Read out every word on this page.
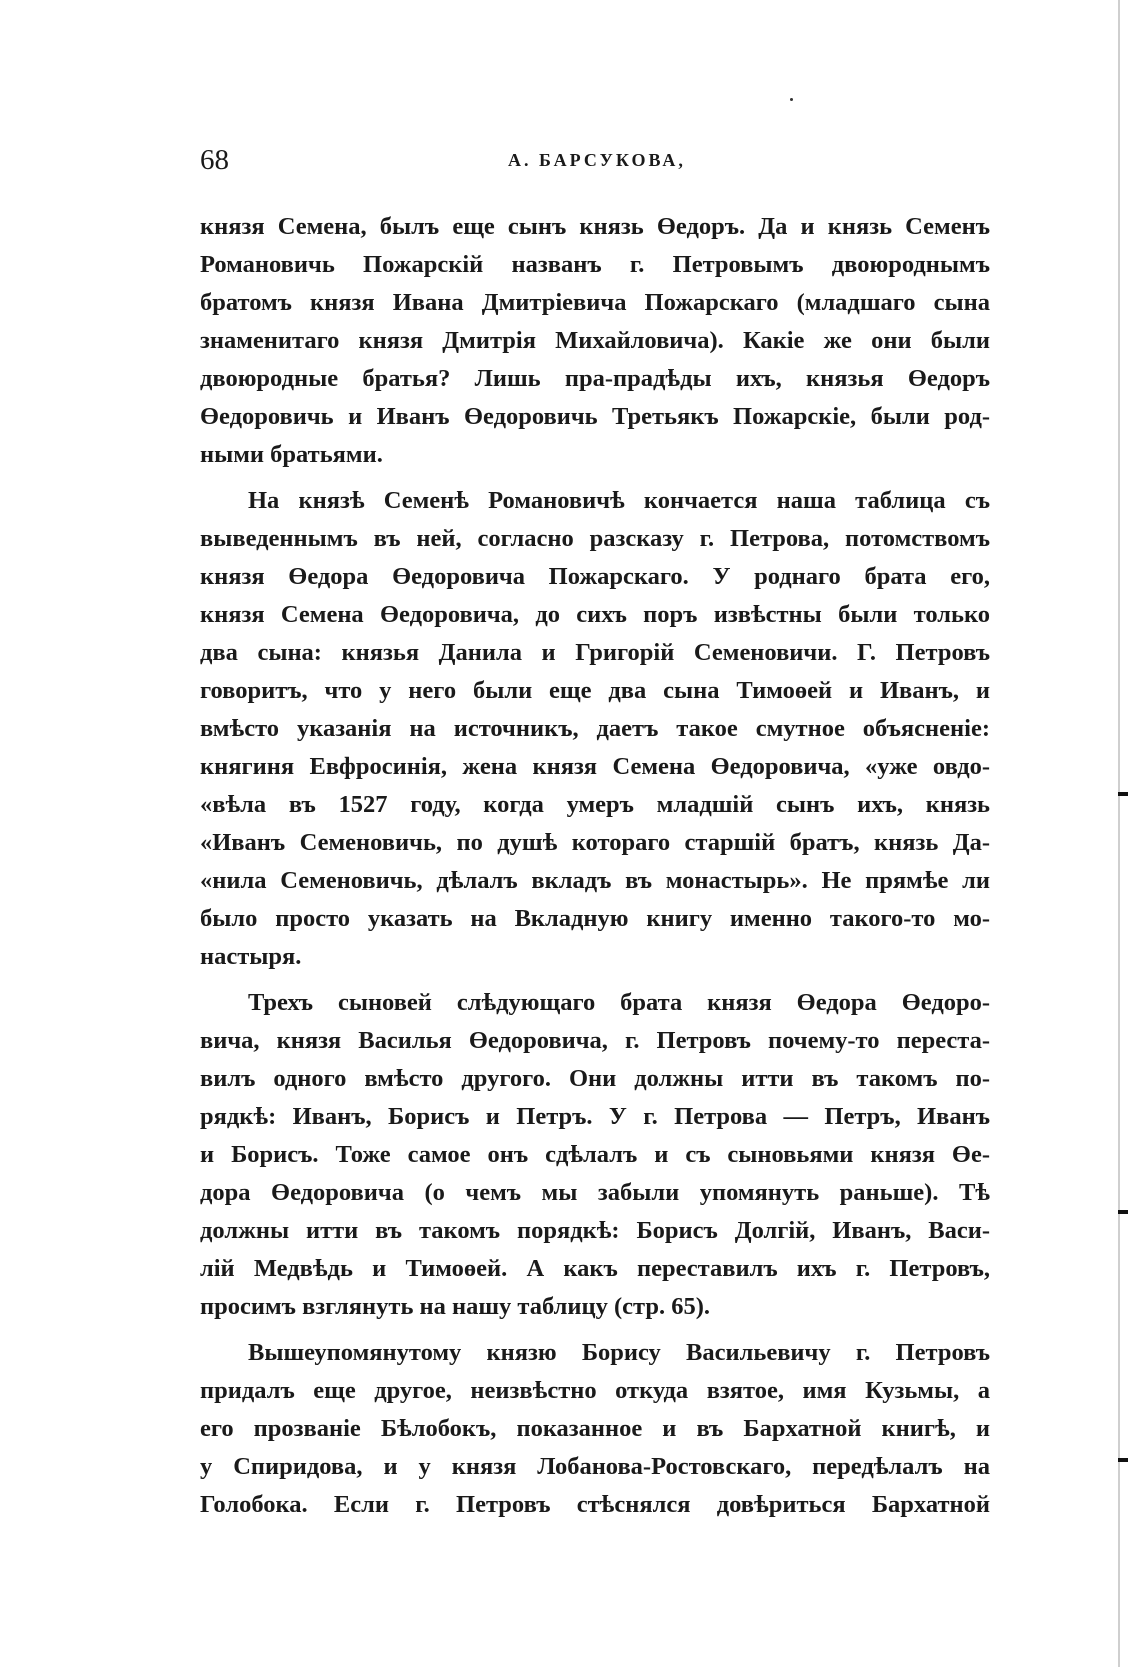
68	А. БАРСУКОВА,
князя Семена, былъ еще сынъ князь Өедоръ. Да и князь Семенъ
Романовичь Пожарскій названъ г. Петровымъ двоюроднымъ
братомъ князя Ивана Дмитріевича Пожарскаго (младшаго сына
знаменитаго князя Дмитрія Михайловича). Какіе же они были
двоюродные братья? Лишь пра-прадѣды ихъ, князья Өедоръ
Өедоровичь и Иванъ Өедоровичь Третьякъ Пожарскіе, были род-
ными братьями.
На князѣ Семенѣ Романовичѣ кончается наша таблица съ
выведеннымъ въ ней, согласно разсказу г. Петрова, потомствомъ
князя Өедора Өедоровича Пожарскаго. У роднаго брата его,
князя Семена Өедоровича, до сихъ поръ извѣстны были только
два сына: князья Данила и Григорій Семеновичи. Г. Петровъ
говоритъ, что у него были еще два сына Тимоөей и Иванъ, и
вмѣсто указанія на источникъ, даетъ такое смутное объясненіе:
княгиня Евфросинія, жена князя Семена Өедоровича, «уже овдо-
«вѣла въ 1527 году, когда умеръ младшій сынъ ихъ, князь
«Иванъ Семеновичь, по душѣ котораго старшій братъ, князь Да-
«нила Семеновичь, дѣлалъ вкладъ въ монастырь». Не прямѣе ли
было просто указать на Вкладную книгу именно такого-то мо-
настыря.
Трехъ сыновей слѣдующаго брата князя Өедора Өедоро-
вича, князя Василья Өедоровича, г. Петровъ почему-то переста-
вилъ одного вмѣсто другого. Они должны итти въ такомъ по-
рядкѣ: Иванъ, Борисъ и Петръ. У г. Петрова — Петръ, Иванъ
и Борисъ. Тоже самое онъ сдѣлалъ и съ сыновьями князя Өе-
дора Өедоровича (о чемъ мы забыли упомянуть раньше). Тѣ
должны итти въ такомъ порядкѣ: Борисъ Долгій, Иванъ, Васи-
лій Медвѣдь и Тимоөей. А какъ переставилъ ихъ г. Петровъ,
просимъ взглянуть на нашу таблицу (стр. 65).
Вышеупомянутому князю Борису Васильевичу г. Петровъ
придалъ еще другое, неизвѣстно откуда взятое, имя Кузьмы, а
его прозваніе Бѣлобокъ, показанное и въ Бархатной книгѣ, и
у Спиридова, и у князя Лобанова-Ростовскаго, передѣлалъ на
Голобока. Если г. Петровъ стѣснялся довѣриться Бархатной
